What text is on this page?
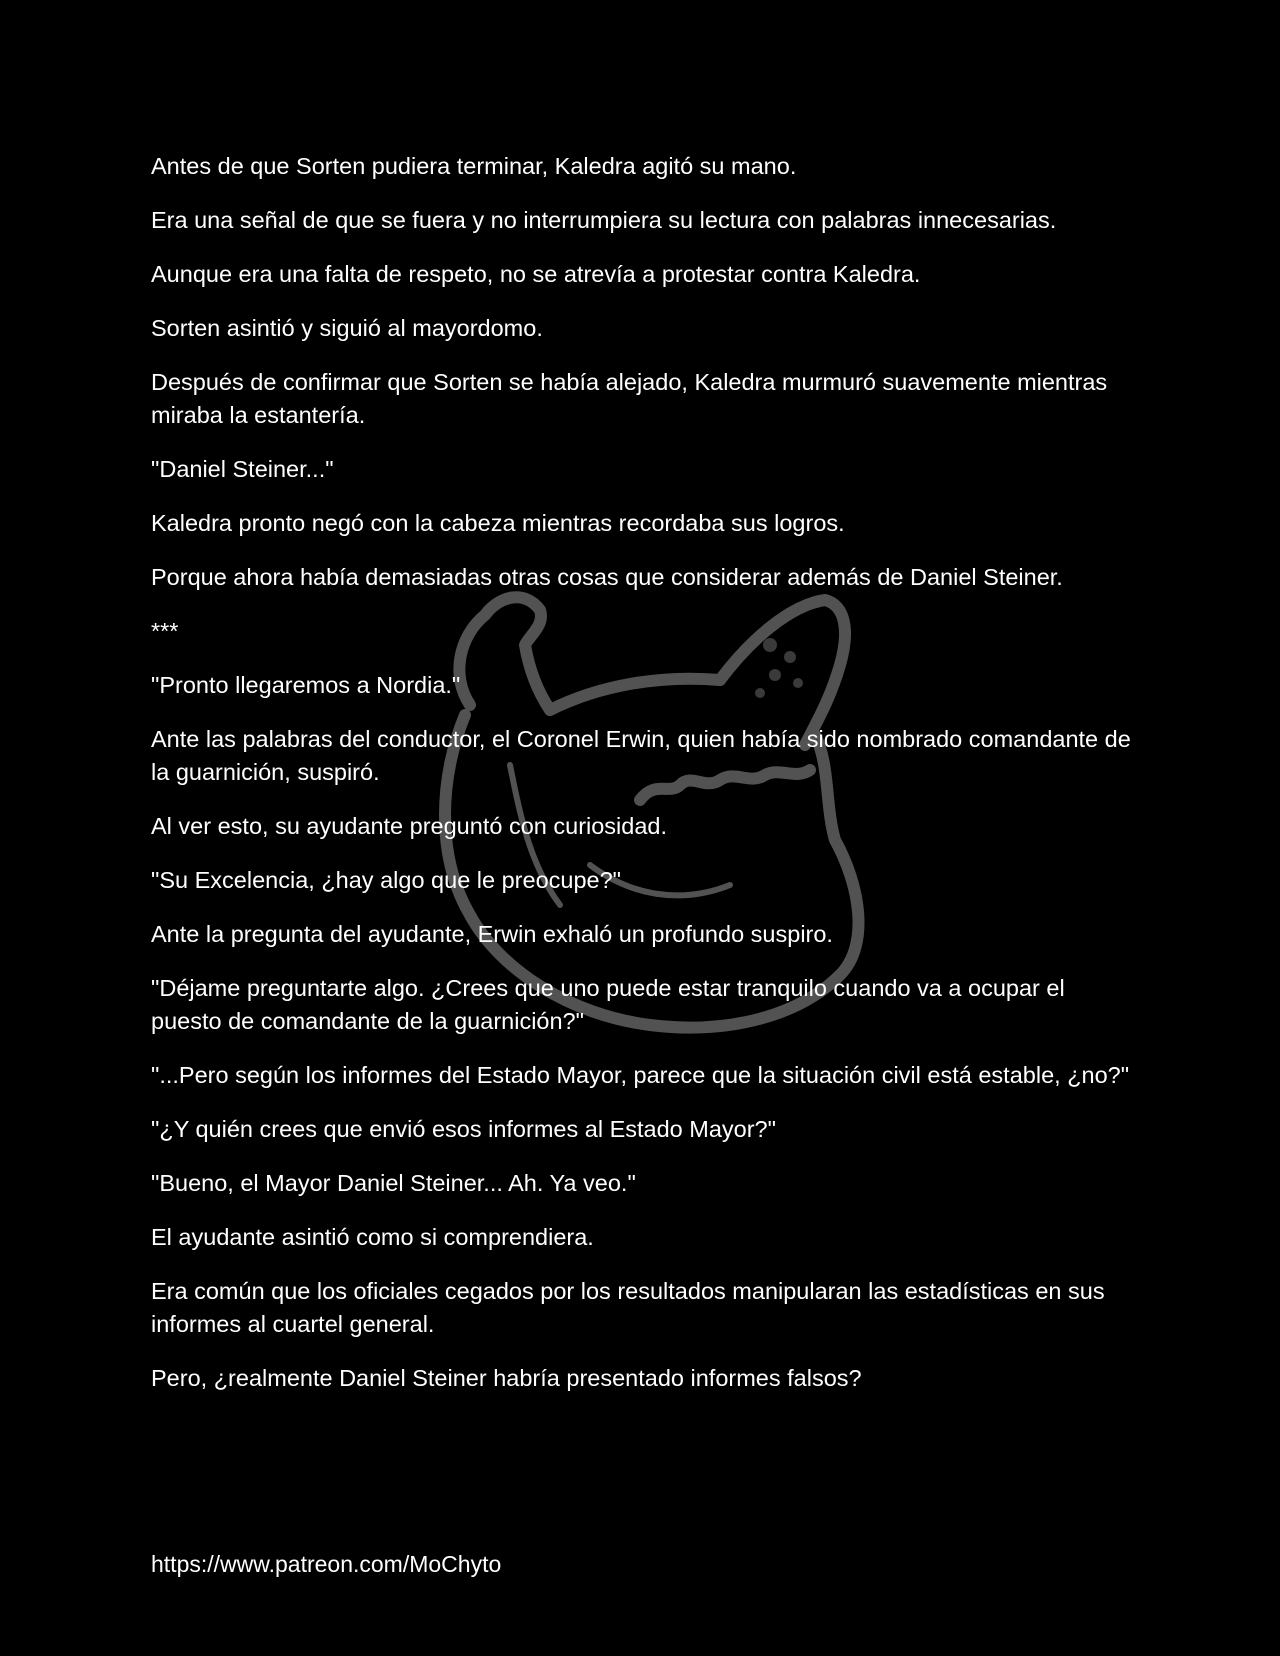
Antes de que Sorten pudiera terminar, Kaledra agitó su mano.

Era una señal de que se fuera y no interrumpiera su lectura con palabras innecesarias.

Aunque era una falta de respeto, no se atrevía a protestar contra Kaledra.

Sorten asintió y siguió al mayordomo.

Después de confirmar que Sorten se había alejado, Kaledra murmuró suavemente mientras miraba la estantería.

"Daniel Steiner..."

Kaledra pronto negó con la cabeza mientras recordaba sus logros.

Porque ahora había demasiadas otras cosas que considerar además de Daniel Steiner.

***

"Pronto llegaremos a Nordia."

Ante las palabras del conductor, el Coronel Erwin, quien había sido nombrado comandante de la guarnición, suspiró.

Al ver esto, su ayudante preguntó con curiosidad.

"Su Excelencia, ¿hay algo que le preocupe?"

Ante la pregunta del ayudante, Erwin exhaló un profundo suspiro.

"Déjame preguntarte algo. ¿Crees que uno puede estar tranquilo cuando va a ocupar el puesto de comandante de la guarnición?"

"...Pero según los informes del Estado Mayor, parece que la situación civil está estable, ¿no?"

"¿Y quién crees que envió esos informes al Estado Mayor?"

"Bueno, el Mayor Daniel Steiner... Ah. Ya veo."

El ayudante asintió como si comprendiera.

Era común que los oficiales cegados por los resultados manipularan las estadísticas en sus informes al cuartel general.

Pero, ¿realmente Daniel Steiner habría presentado informes falsos?

https://www.patreon.com/MoChyto
